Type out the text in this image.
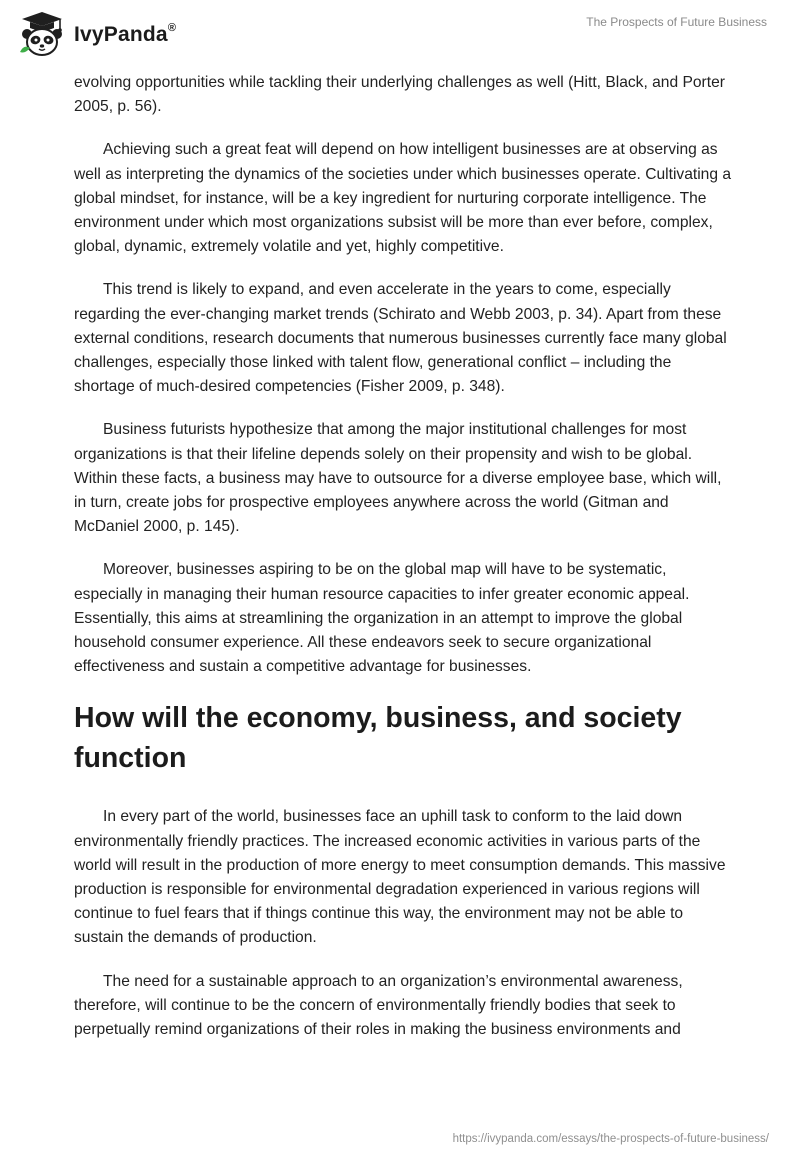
IvyPanda®	The Prospects of Future Business

evolving opportunities while tackling their underlying challenges as well (Hitt, Black, and Porter 2005, p. 56).

Achieving such a great feat will depend on how intelligent businesses are at observing as well as interpreting the dynamics of the societies under which businesses operate. Cultivating a global mindset, for instance, will be a key ingredient for nurturing corporate intelligence. The environment under which most organizations subsist will be more than ever before, complex, global, dynamic, extremely volatile and yet, highly competitive.

This trend is likely to expand, and even accelerate in the years to come, especially regarding the ever-changing market trends (Schirato and Webb 2003, p. 34). Apart from these external conditions, research documents that numerous businesses currently face many global challenges, especially those linked with talent flow, generational conflict – including the shortage of much-desired competencies (Fisher 2009, p. 348).

Business futurists hypothesize that among the major institutional challenges for most organizations is that their lifeline depends solely on their propensity and wish to be global. Within these facts, a business may have to outsource for a diverse employee base, which will, in turn, create jobs for prospective employees anywhere across the world (Gitman and McDaniel 2000, p. 145).

Moreover, businesses aspiring to be on the global map will have to be systematic, especially in managing their human resource capacities to infer greater economic appeal. Essentially, this aims at streamlining the organization in an attempt to improve the global household consumer experience. All these endeavors seek to secure organizational effectiveness and sustain a competitive advantage for businesses.

How will the economy, business, and society function

In every part of the world, businesses face an uphill task to conform to the laid down environmentally friendly practices. The increased economic activities in various parts of the world will result in the production of more energy to meet consumption demands. This massive production is responsible for environmental degradation experienced in various regions will continue to fuel fears that if things continue this way, the environment may not be able to sustain the demands of production.

The need for a sustainable approach to an organization’s environmental awareness, therefore, will continue to be the concern of environmentally friendly bodies that seek to perpetually remind organizations of their roles in making the business environments and

https://ivypanda.com/essays/the-prospects-of-future-business/
